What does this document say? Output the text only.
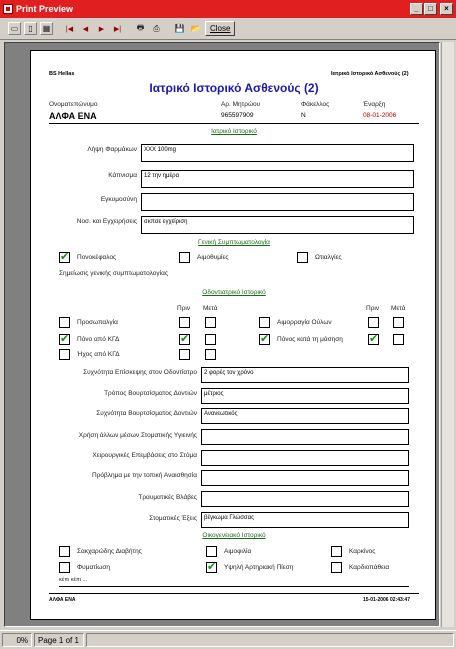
Print Preview	_	□	×
▭	▯	▦	|◀	◀	▶	▶|	🖶	⎙	💾 📂 Close
BS Hellas	Ιατρικό Ιστορικό Ασθενούς (2)
Ιατρικό Ιστορικό Ασθενούς (2)
Ονοματεπώνυμο	Αρ. Μητρώου	Φάκελλος	Έναρξη
ΑΛΦΑ ΕΝΑ	965597909	N	08-01-2006
Ιατρικό Ιστορικό
Λήψη Φαρμάκων	ΧΧΧ 100mg
Κάπνισμα	12 την ημέρα
Εγκυμοσύνη
Νοσ. και Εγχειρήσεις	σκπσε εγχείριση
Γενική Συμπτωματολογία
✔
Πονοκέφαλος	Αιμοθυμίες	Ωτιαλγίες
Σημείωσις γενικής συμπτωματολογίας
Οδοντιατρικό Ιστορικό
Πριν Μετά	Πριν Μετά
Προσωπαλγία
✔
Πόνο από ΚΓΔ
✔
Ήχος από ΚΓΔ
Αιμορραγία Ούλων
✔
Πόνος κατά τη μάσηση
✔
Συχνότητα Επίσκεψης στον Οδοντίατρο	2 φορές τον χρόνο
Τρόπος Βουρτσίσματος Δοντιών	μέτριος
Συχνότητα Βουρτσίσματος Δοντιών	Ανανεωτικός
Χρήση άλλων μέσων Στοματικής Υγιεινής
Χειρουργικές Επεμβάσεις στο Στόμα
Πρόβλημα με την τοπική Αναισθησία
Τραυματικές Βλάβες
Στοματικές Έξεις	βέγκωμα Γλώσσας
Οικογενειακό Ιστορικό
Σακχαρώδης Διαβήτης	Αιμοφιλία	Καρκίνος
Φυματίωση
✔	Υψηλή Αρτηριακή Πίεση	Καρδιοπάθεια
κέπι κέπι ...
ΑΛΦΑ ΕΝΑ	15-01-2006 02:43:47
0%	Page 1 of 1
